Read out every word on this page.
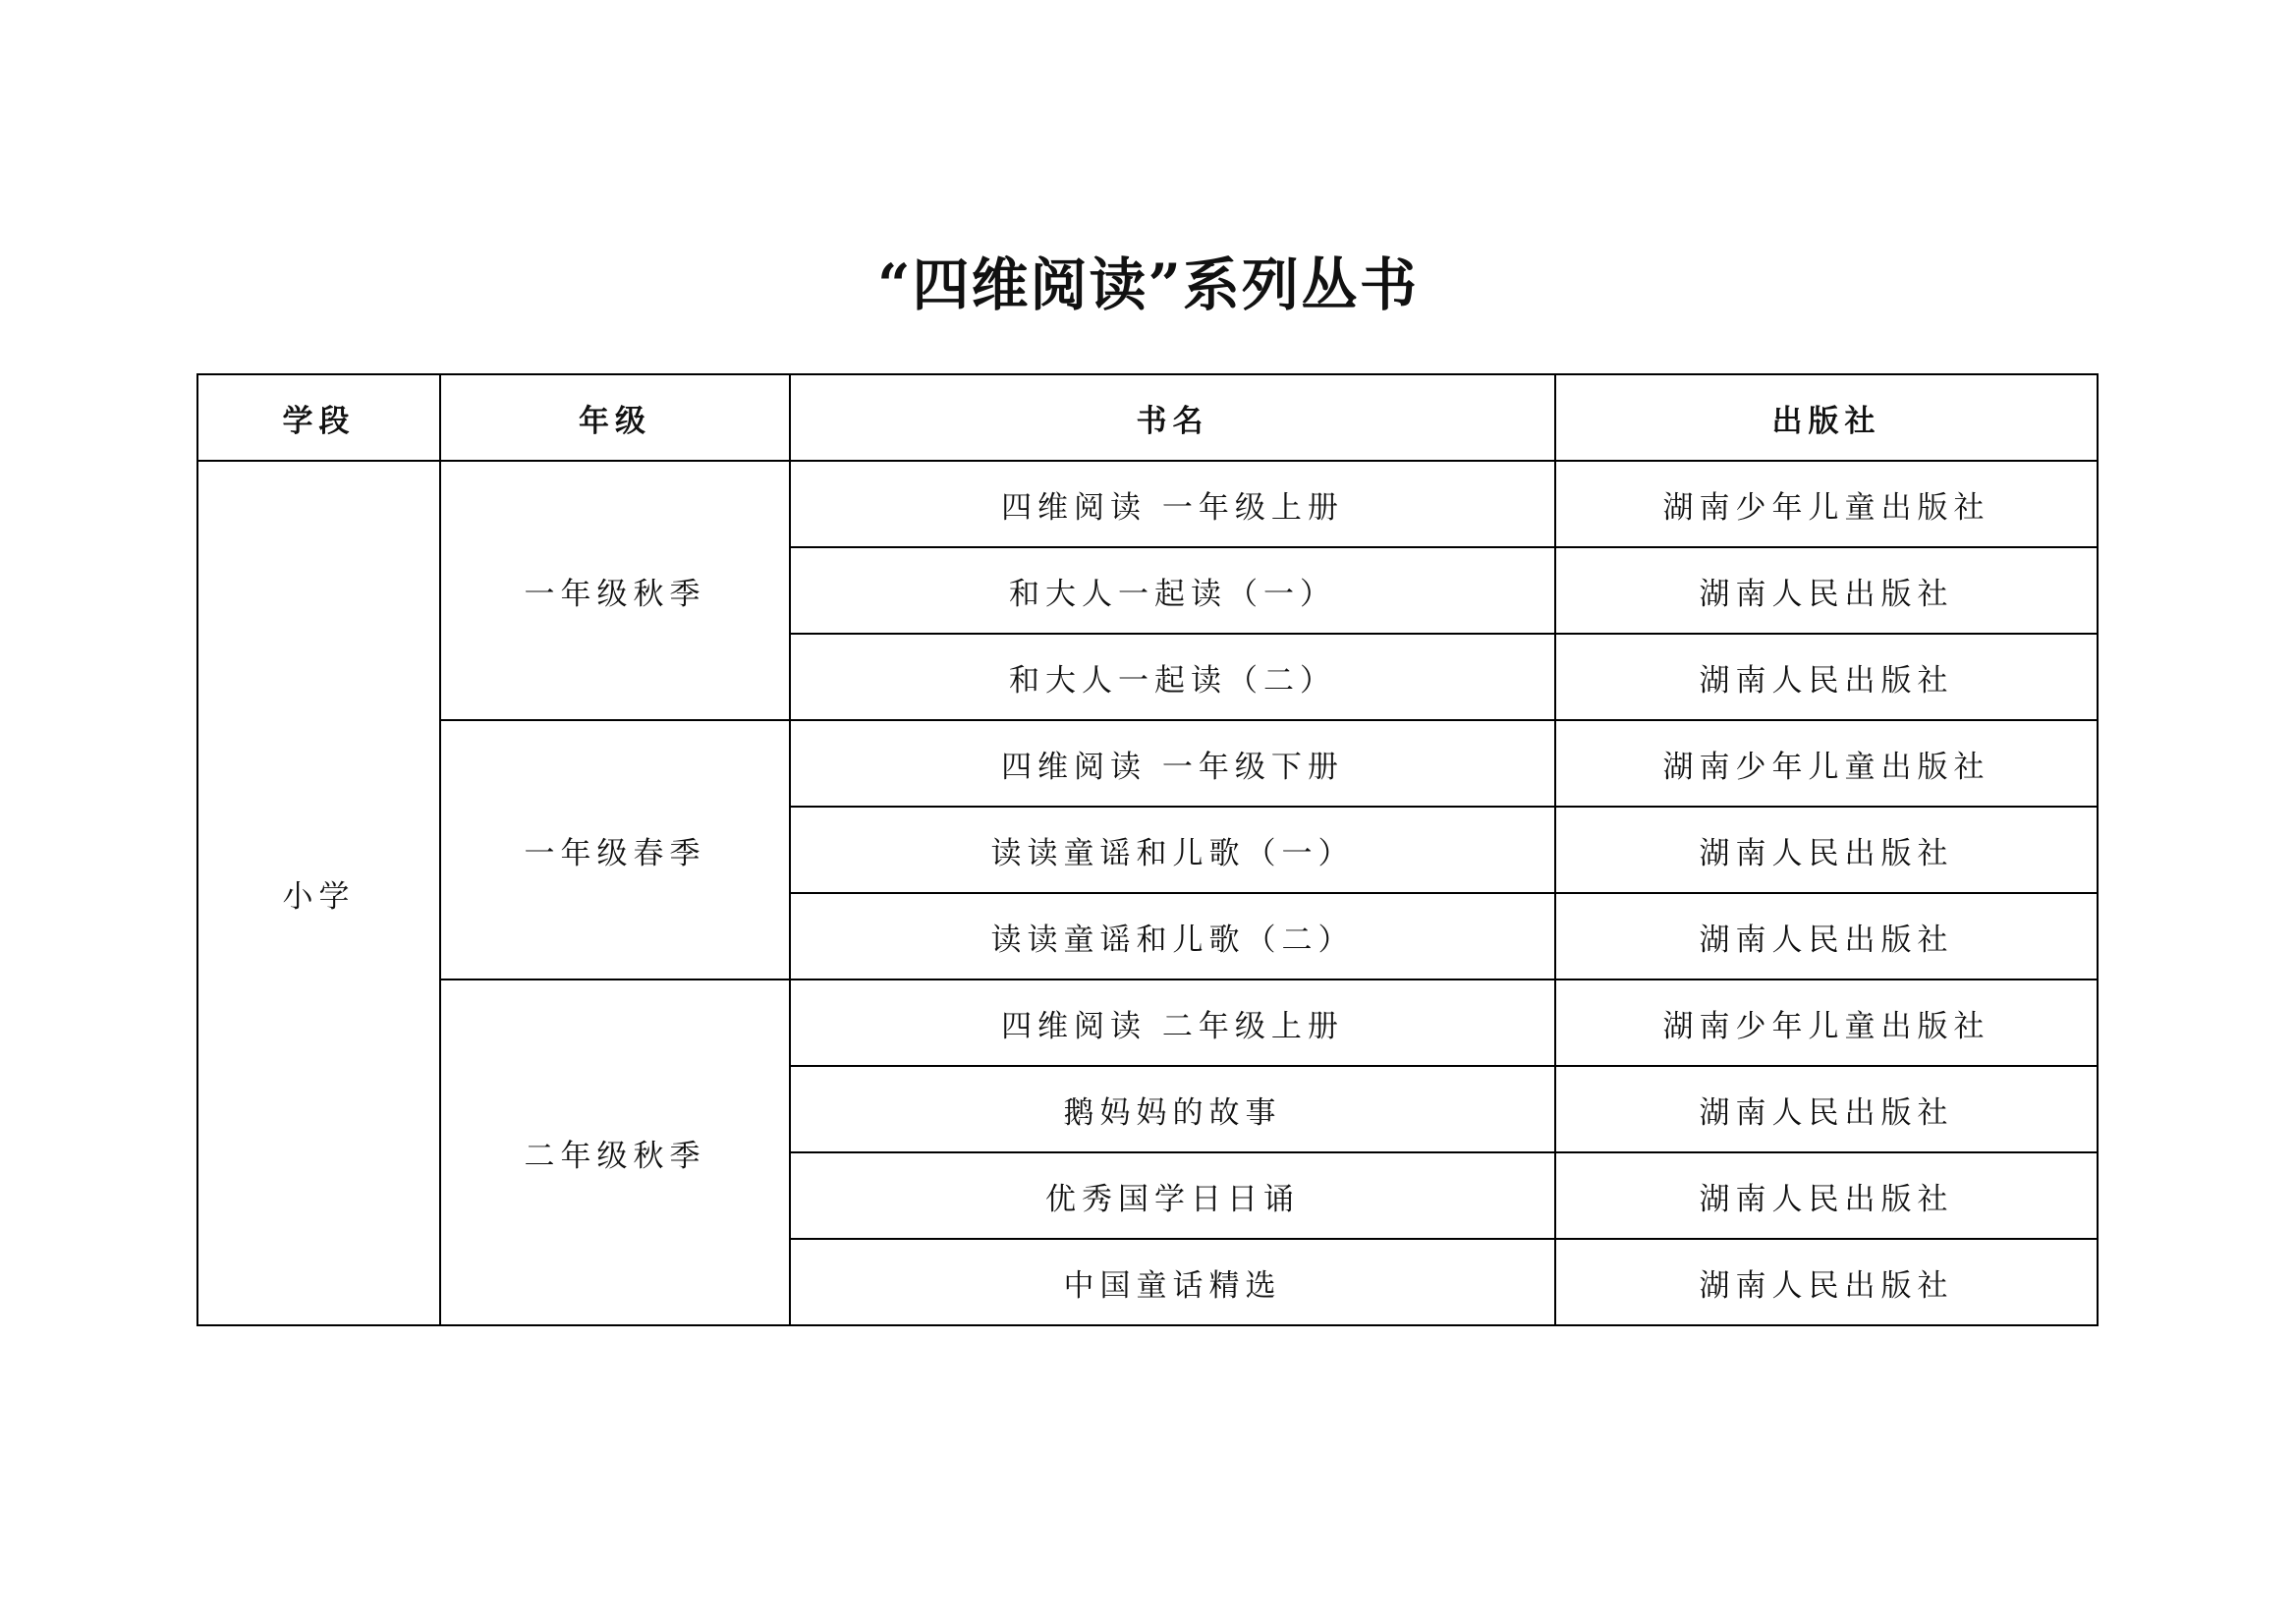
“四维阅读”系列丛书
学段	年级	书名	出版社
小学	一年级秋季	四维阅读 一年级上册	湖南少年儿童出版社
		和大人一起读（一）	湖南人民出版社
		和大人一起读（二）	湖南人民出版社
	一年级春季	四维阅读 一年级下册	湖南少年儿童出版社
		读读童谣和儿歌（一）	湖南人民出版社
		读读童谣和儿歌（二）	湖南人民出版社
	二年级秋季	四维阅读 二年级上册	湖南少年儿童出版社
		鹅妈妈的故事	湖南人民出版社
		优秀国学日日诵	湖南人民出版社
		中国童话精选	湖南人民出版社
